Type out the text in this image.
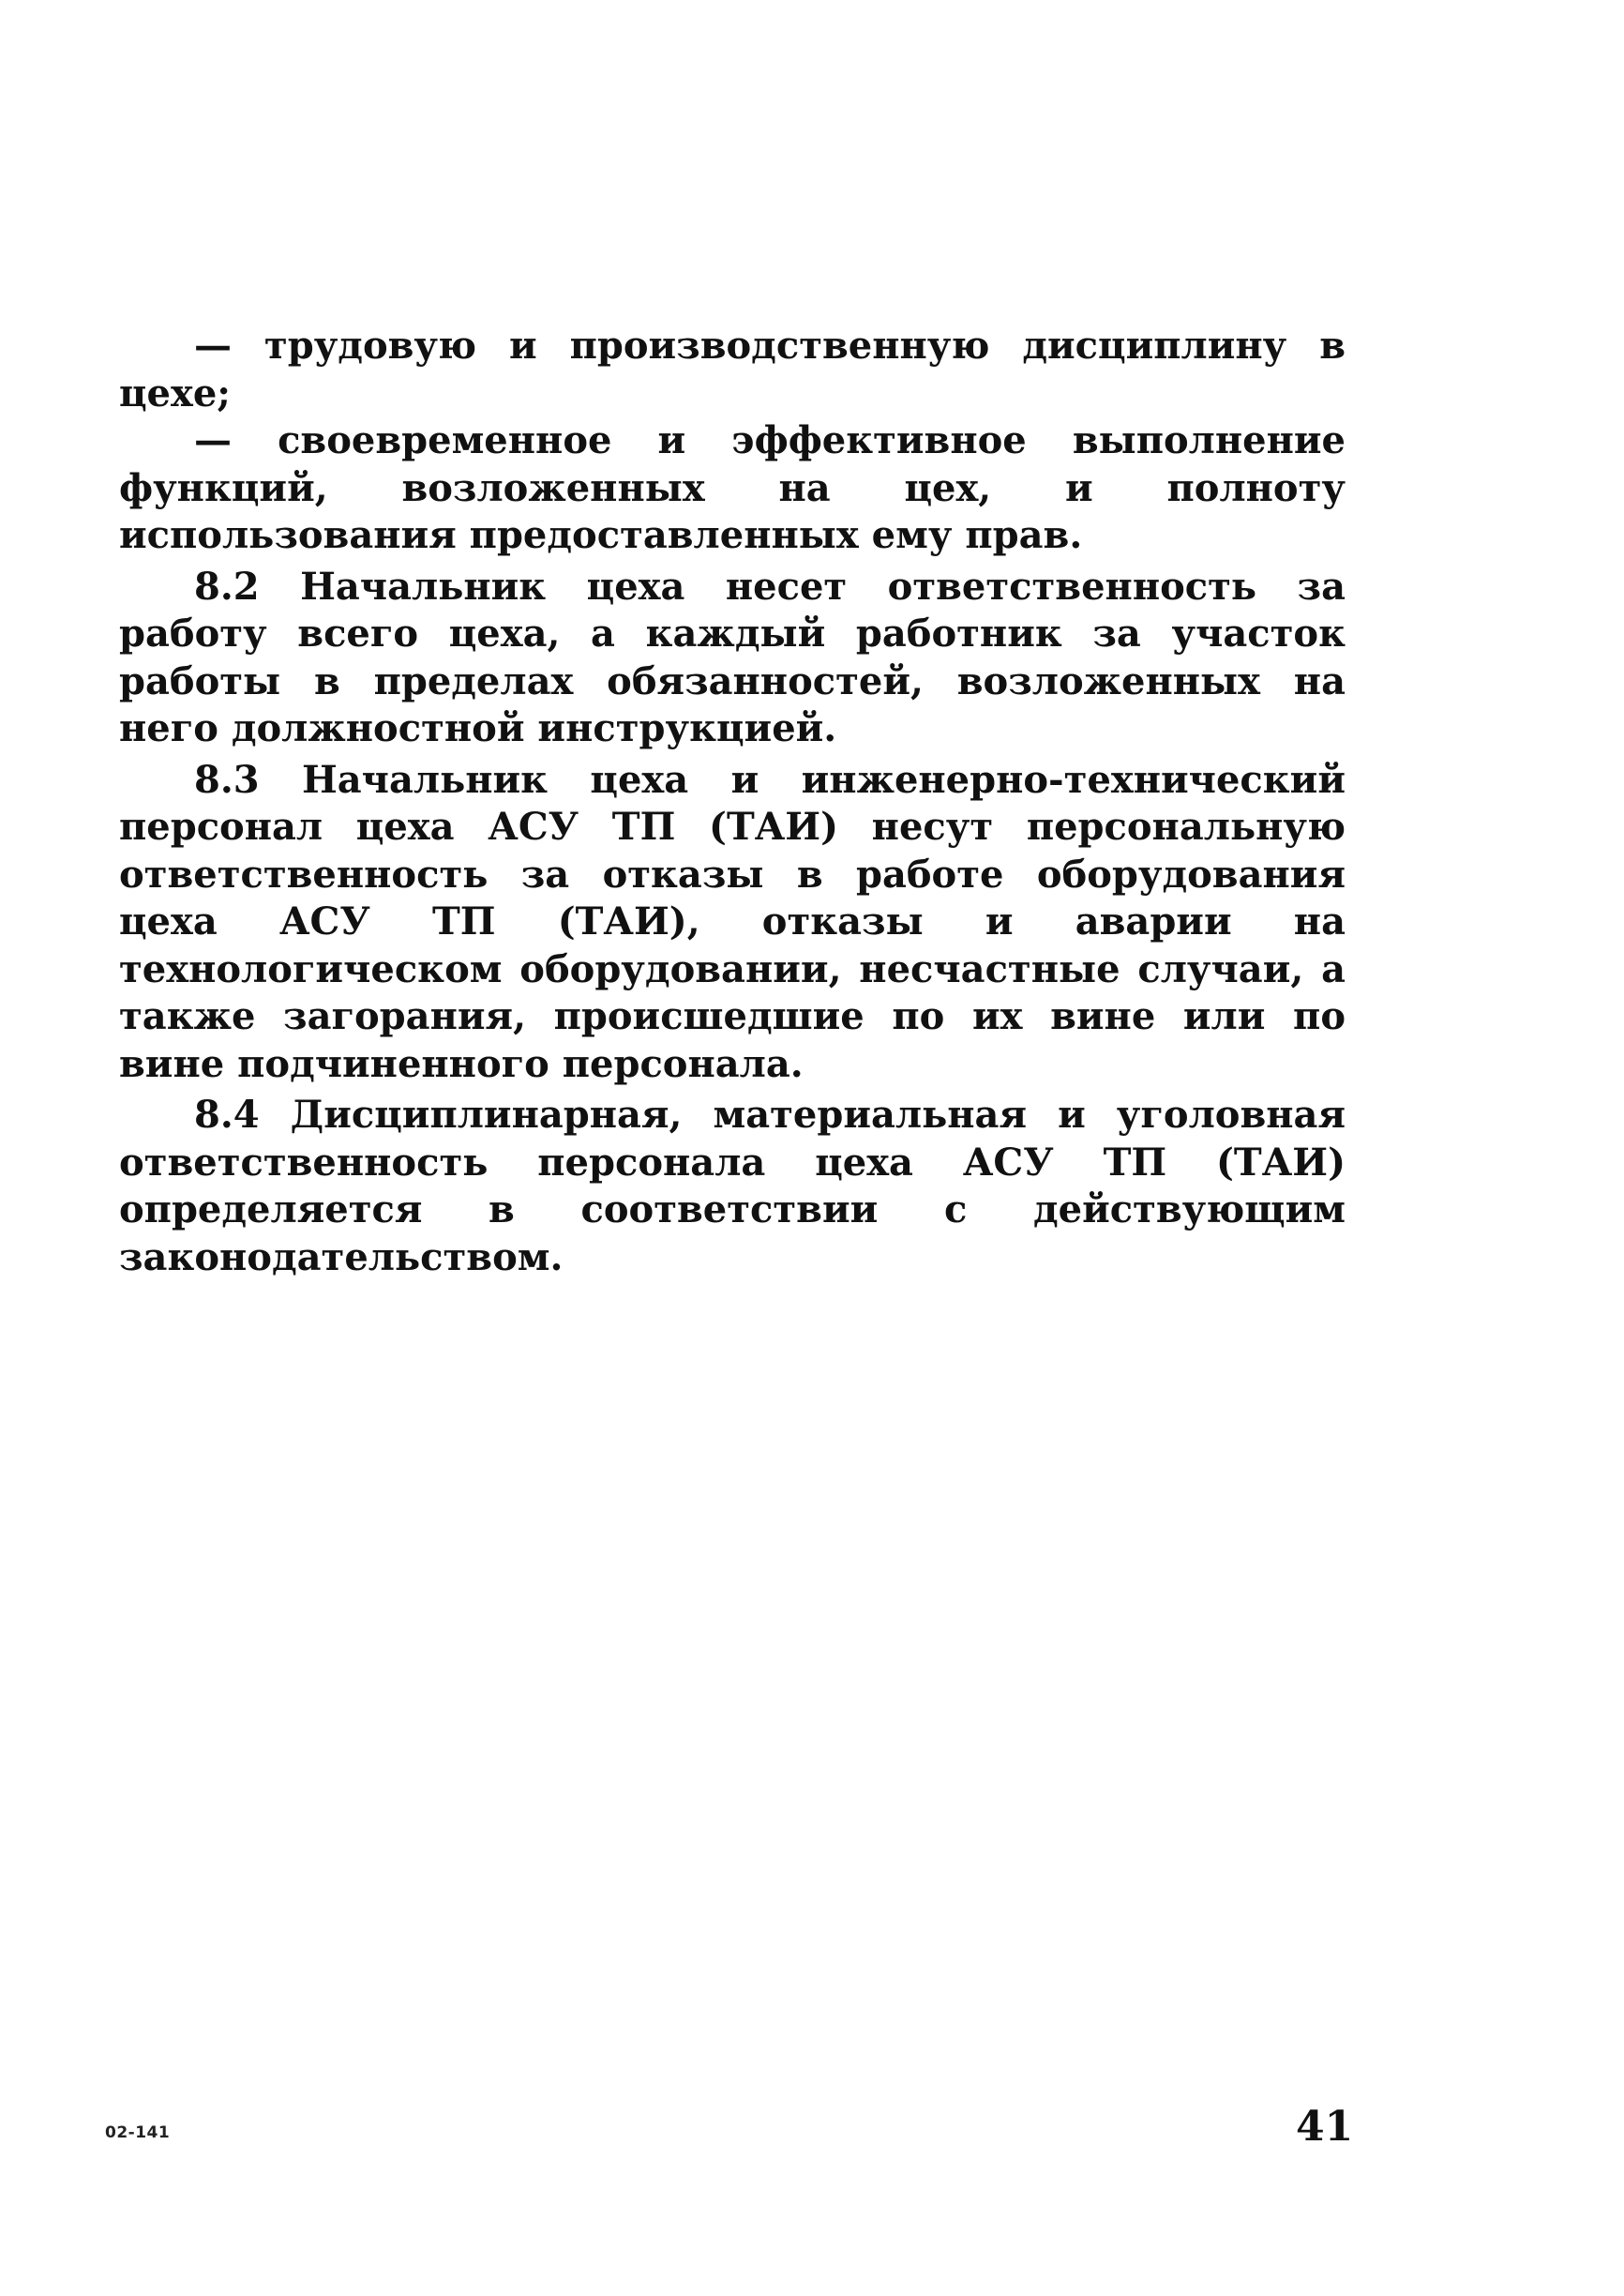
— трудовую и производственную дисциплину в цехе;

— своевременное и эффективное выполнение функций, возложенных на цех, и полноту использования предоставленных ему прав.

8.2 Начальник цеха несет ответственность за работу всего цеха, а каждый работник за участок работы в пределах обязанностей, возложенных на него должностной инструкцией.

8.3 Начальник цеха и инженерно-технический персонал цеха АСУ ТП (ТАИ) несут персональную ответственность за отказы в работе оборудования цеха АСУ ТП (ТАИ), отказы и аварии на технологическом оборудовании, несчастные случаи, а также загорания, происшедшие по их вине или по вине подчиненного персонала.

8.4 Дисциплинарная, материальная и уголовная ответственность персонала цеха АСУ ТП (ТАИ) определяется в соответствии с действующим законодательством.

02-141	41
